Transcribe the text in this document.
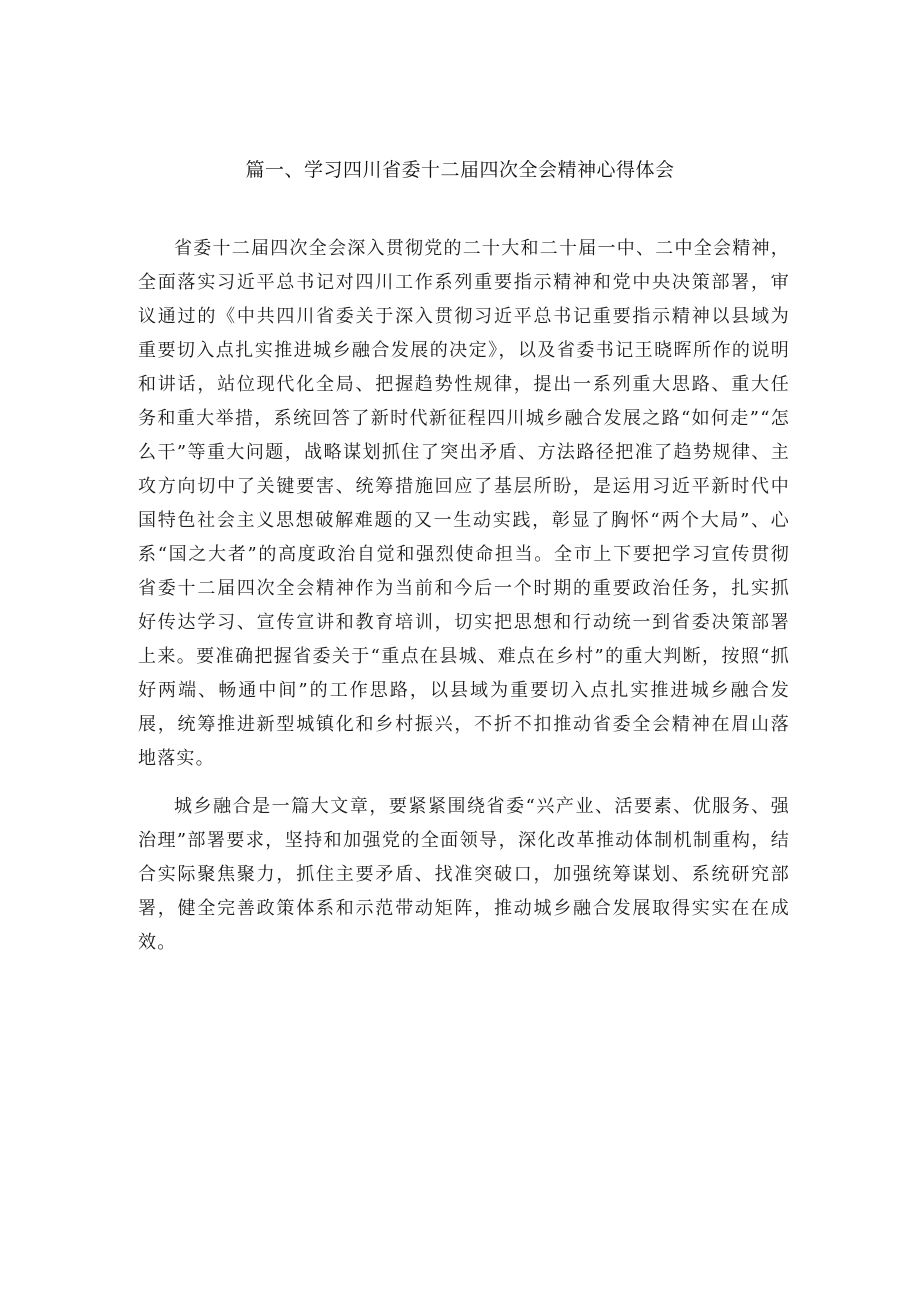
篇一、学习四川省委十二届四次全会精神心得体会

省委十二届四次全会深入贯彻党的二十大和二十届一中、二中全会精神，全面落实习近平总书记对四川工作系列重要指示精神和党中央决策部署，审议通过的《中共四川省委关于深入贯彻习近平总书记重要指示精神以县域为重要切入点扎实推进城乡融合发展的决定》，以及省委书记王晓晖所作的说明和讲话，站位现代化全局、把握趋势性规律，提出一系列重大思路、重大任务和重大举措，系统回答了新时代新征程四川城乡融合发展之路“如何走”“怎么干”等重大问题，战略谋划抓住了突出矛盾、方法路径把准了趋势规律、主攻方向切中了关键要害、统筹措施回应了基层所盼，是运用习近平新时代中国特色社会主义思想破解难题的又一生动实践，彰显了胸怀“两个大局”、心系“国之大者”的高度政治自觉和强烈使命担当。全市上下要把学习宣传贯彻省委十二届四次全会精神作为当前和今后一个时期的重要政治任务，扎实抓好传达学习、宣传宣讲和教育培训，切实把思想和行动统一到省委决策部署上来。要准确把握省委关于“重点在县城、难点在乡村”的重大判断，按照“抓好两端、畅通中间”的工作思路，以县域为重要切入点扎实推进城乡融合发展，统筹推进新型城镇化和乡村振兴，不折不扣推动省委全会精神在眉山落地落实。

城乡融合是一篇大文章，要紧紧围绕省委“兴产业、活要素、优服务、强治理”部署要求，坚持和加强党的全面领导，深化改革推动体制机制重构，结合实际聚焦聚力，抓住主要矛盾、找准突破口，加强统筹谋划、系统研究部署，健全完善政策体系和示范带动矩阵，推动城乡融合发展取得实实在在成效。
